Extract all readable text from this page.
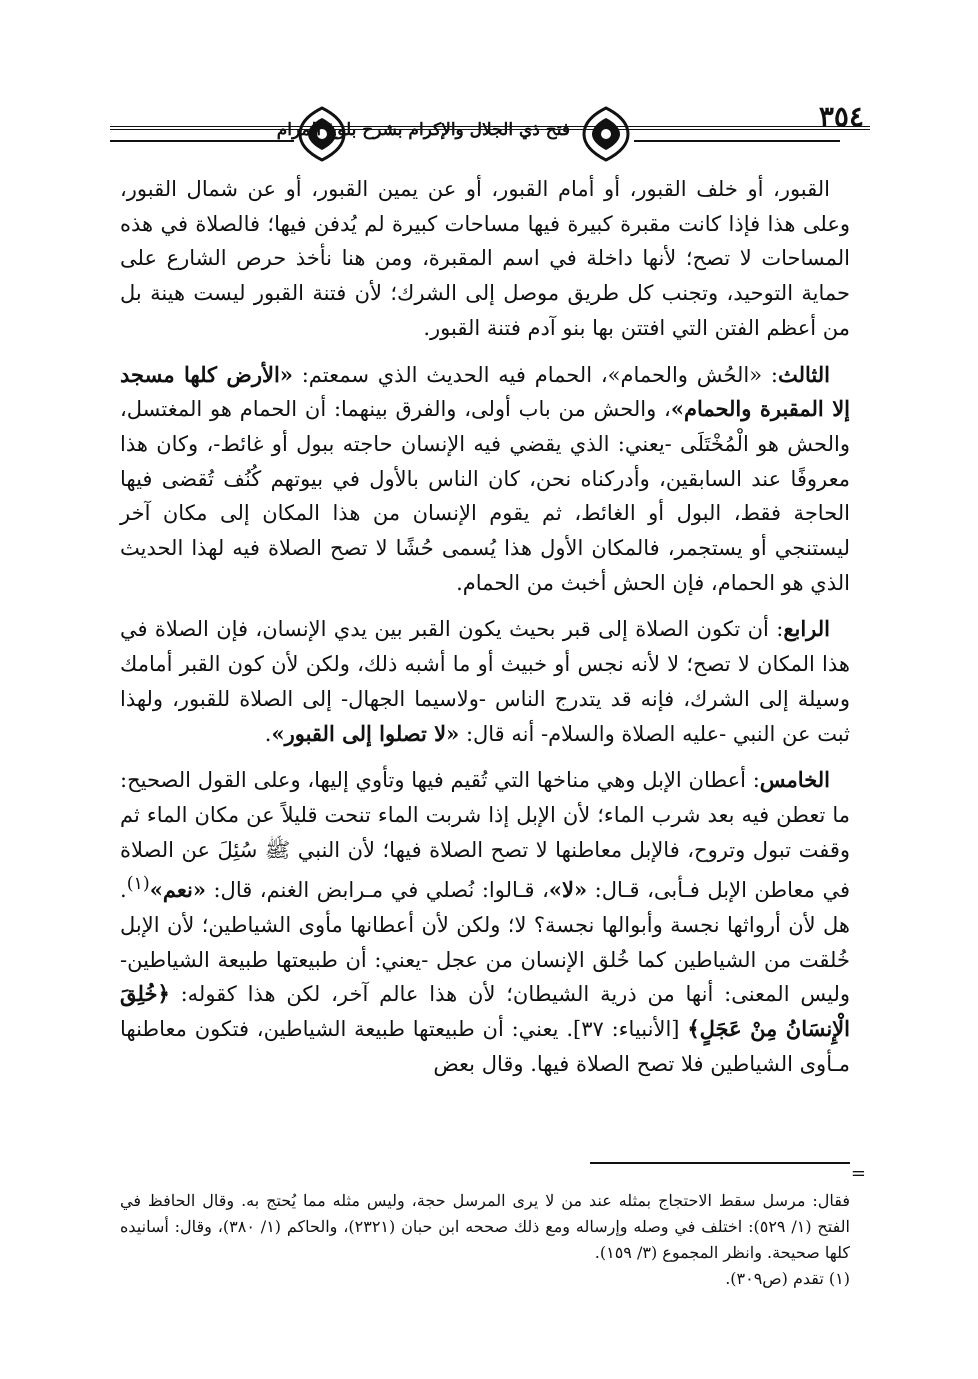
٣٥٤
فتح ذي الجلال والإكرام بشرح بلوغ المرام

القبور، أو خلف القبور، أو أمام القبور، أو عن يمين القبور، أو عن شمال القبور، وعلى هذا فإذا كانت مقبرة كبيرة فيها مساحات كبيرة لم يُدفن فيها؛ فالصلاة في هذه المساحات لا تصح؛ لأنها داخلة في اسم المقبرة، ومن هنا نأخذ حرص الشارع على حماية التوحيد، وتجنب كل طريق موصل إلى الشرك؛ لأن فتنة القبور ليست هينة بل من أعظم الفتن التي افتتن بها بنو آدم فتنة القبور.

الثالث: «الحُش والحمام»، الحمام فيه الحديث الذي سمعتم: «الأرض كلها مسجد إلا المقبرة والحمام»، والحش من باب أولى، والفرق بينهما: أن الحمام هو المغتسل، والحش هو الْمُخْتَلَى -يعني: الذي يقضي فيه الإنسان حاجته ببول أو غائط-، وكان هذا معروفًا عند السابقين، وأدركناه نحن، كان الناس بالأول في بيوتهم كُنُف تُقضى فيها الحاجة فقط، البول أو الغائط، ثم يقوم الإنسان من هذا المكان إلى مكان آخر ليستنجي أو يستجمر، فالمكان الأول هذا يُسمى حُشًا لا تصح الصلاة فيه لهذا الحديث الذي هو الحمام، فإن الحش أخبث من الحمام.

الرابع: أن تكون الصلاة إلى قبر بحيث يكون القبر بين يدي الإنسان، فإن الصلاة في هذا المكان لا تصح؛ لا لأنه نجس أو خبيث أو ما أشبه ذلك، ولكن لأن كون القبر أمامك وسيلة إلى الشرك، فإنه قد يتدرج الناس -ولاسيما الجهال- إلى الصلاة للقبور، ولهذا ثبت عن النبي -عليه الصلاة والسلام- أنه قال: «لا تصلوا إلى القبور».

الخامس: أعطان الإبل وهي مناخها التي تُقيم فيها وتأوي إليها، وعلى القول الصحيح: ما تعطن فيه بعد شرب الماء؛ لأن الإبل إذا شربت الماء تنحت قليلاً عن مكان الماء ثم وقفت تبول وتروح، فالإبل معاطنها لا تصح الصلاة فيها؛ لأن النبي ﷺ سُئِلَ عن الصلاة في معاطن الإبل فـأبى، قـال: «لا»، قـالوا: نُصلي في مـرابض الغنم، قال: «نعم»$^{(١)}$. هل لأن أرواثها نجسة وأبوالها نجسة؟ لا؛ ولكن لأن أعطانها مأوى الشياطين؛ لأن الإبل خُلقت من الشياطين كما خُلق الإنسان من عجل -يعني: أن طبيعتها طبيعة الشياطين- وليس المعنى: أنها من ذرية الشيطان؛ لأن هذا عالم آخر، لكن هذا كقوله: ﴿خُلِقَ الْإِنسَانُ مِنْ عَجَلٍ﴾ [الأنبياء: ٣٧]. يعني: أن طبيعتها طبيعة الشياطين، فتكون معاطنها مـأوى الشياطين فلا تصح الصلاة فيها. وقال بعض

=

فقال: مرسل سقط الاحتجاج بمثله عند من لا يرى المرسل حجة، وليس مثله مما يُحتج به. وقال الحافظ في الفتح (١/ ٥٢٩): اختلف في وصله وإرساله ومع ذلك صححه ابن حبان (٢٣٢١)، والحاكم (١/ ٣٨٠)، وقال: أسانيده كلها صحيحة. وانظر المجموع (٣/ ١٥٩).

(١) تقدم (ص٣٠٩).
